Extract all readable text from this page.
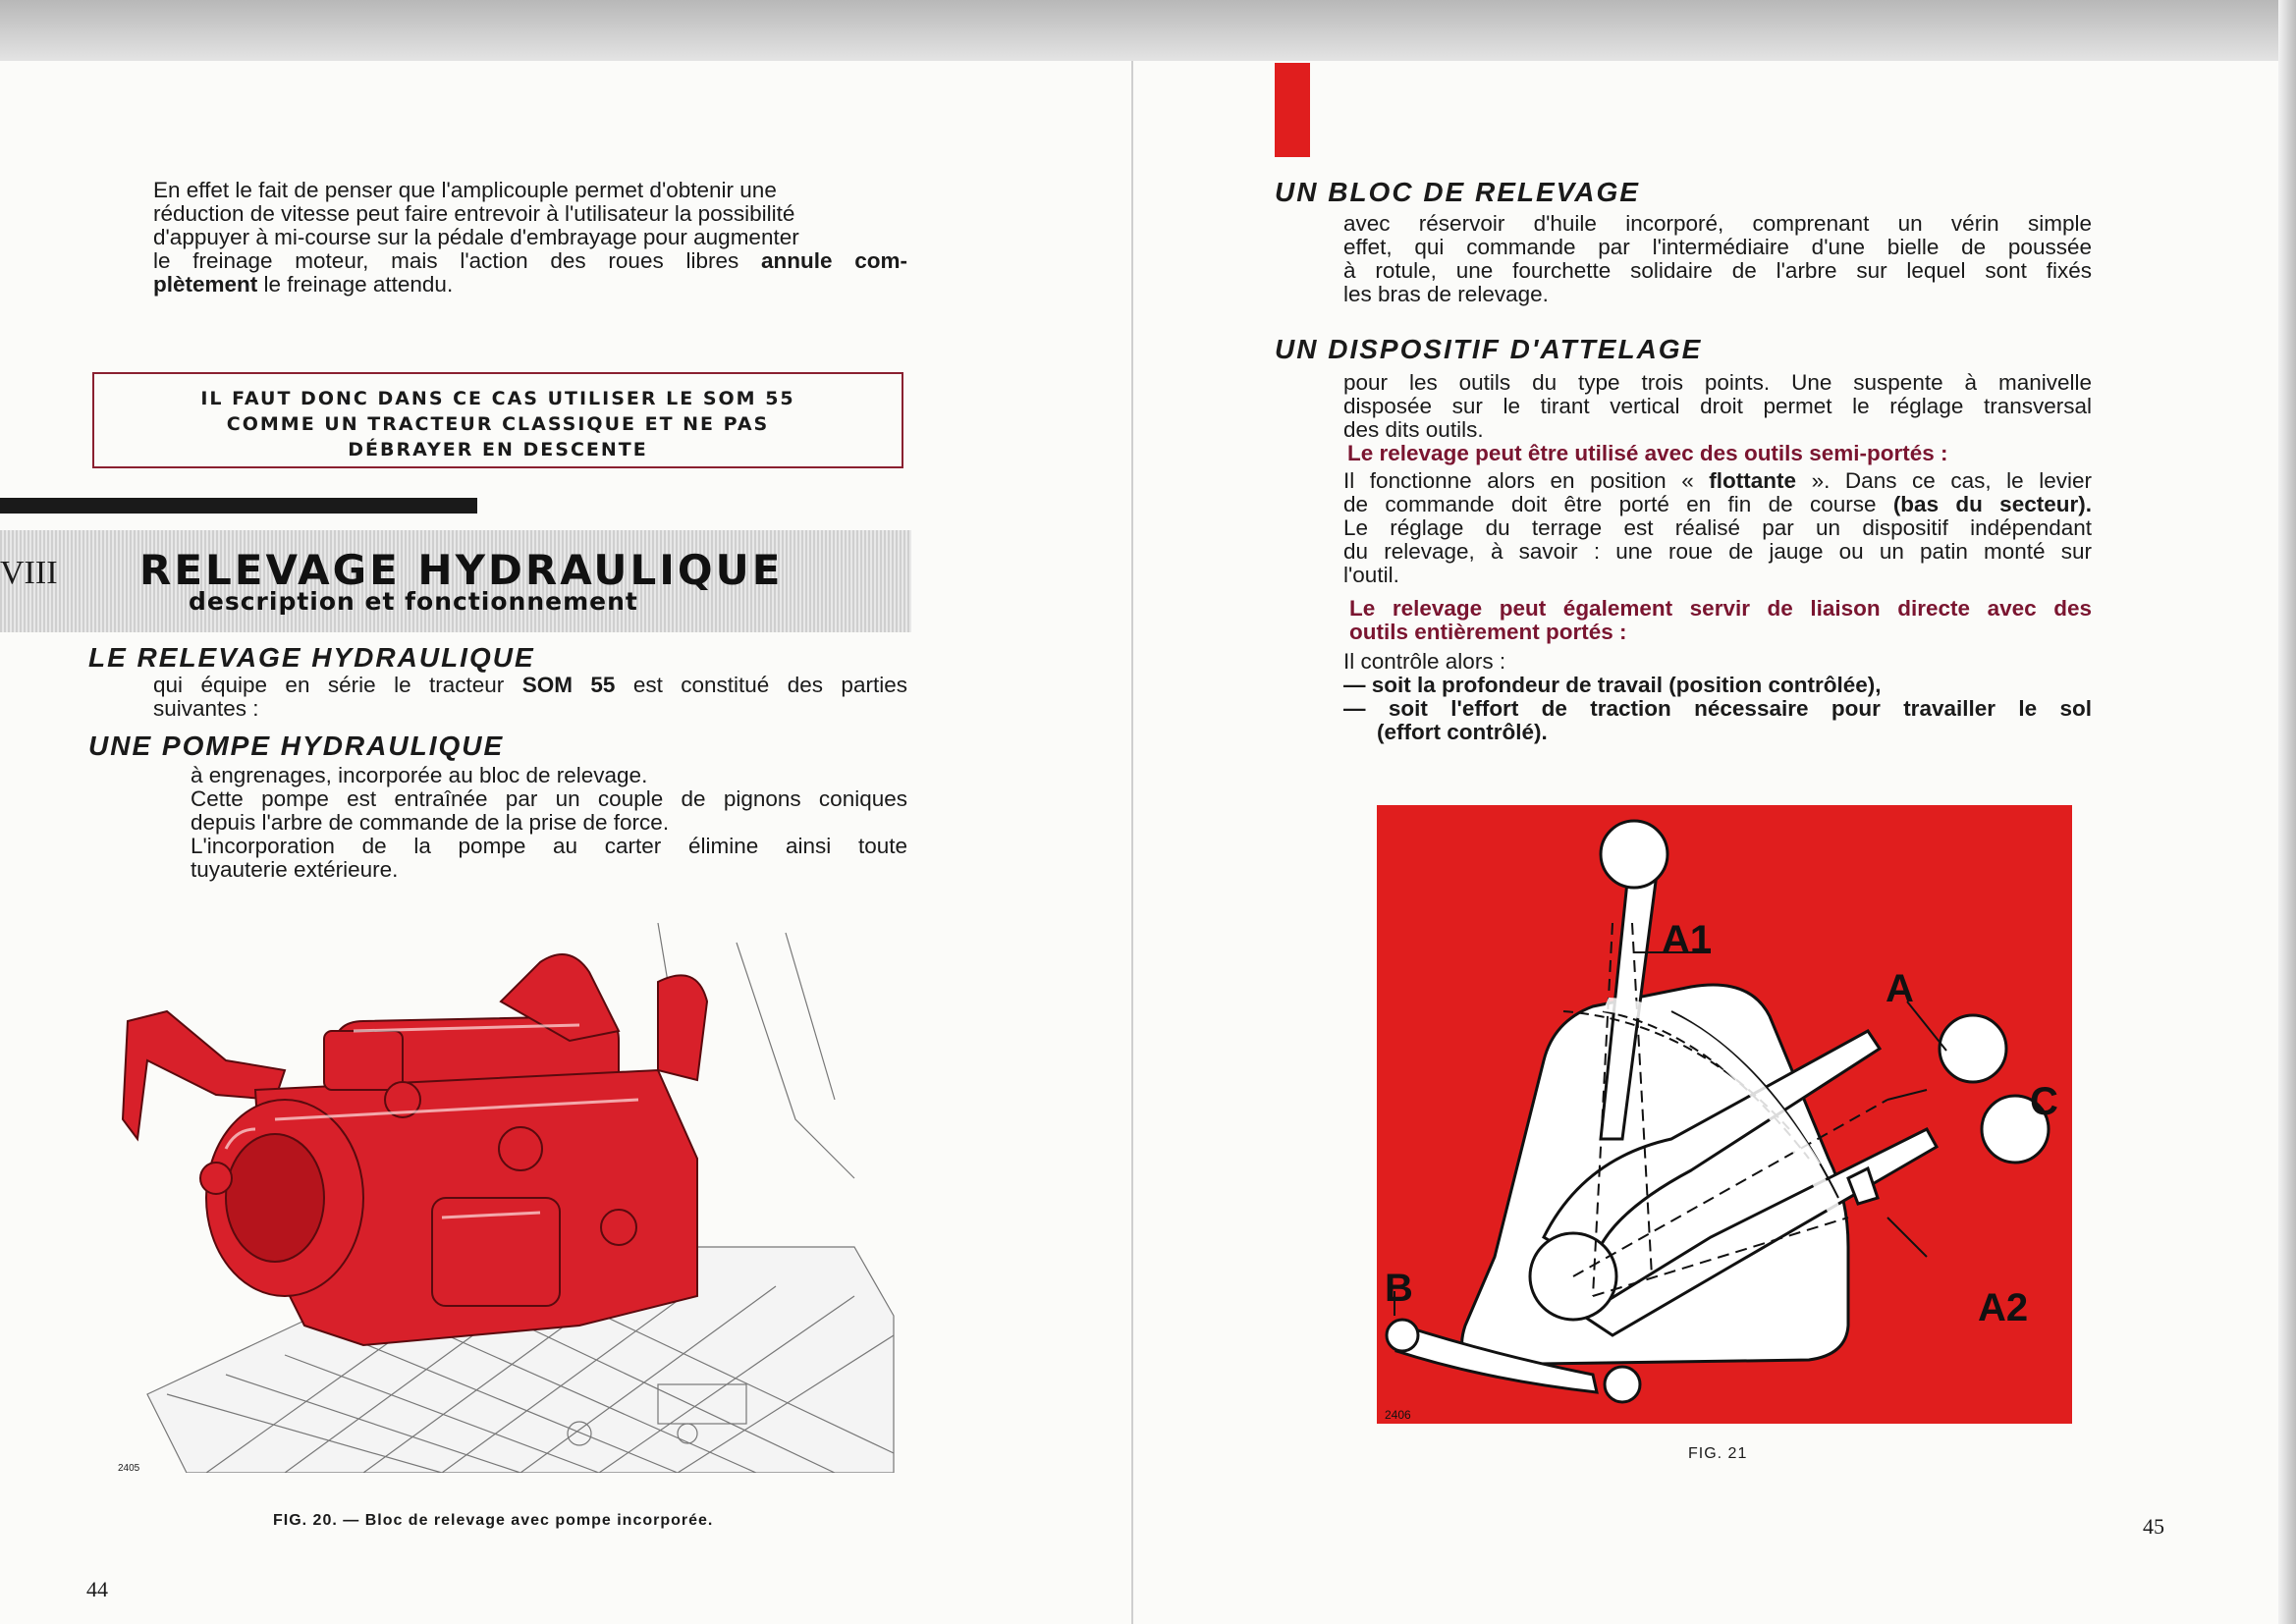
En effet le fait de penser que l'amplicouple permet d'obtenir une
réduction de vitesse peut faire entrevoir à l'utilisateur la possibilité
d'appuyer à mi-course sur la pédale d'embrayage pour augmenter
le freinage moteur, mais l'action des roues libres annule com-
plètement le freinage attendu.
IL FAUT DONC DANS CE CAS UTILISER LE SOM 55
COMME UN TRACTEUR CLASSIQUE ET NE PAS
DÉBRAYER EN DESCENTE
VIII RELEVAGE HYDRAULIQUE
description et fonctionnement
LE RELEVAGE HYDRAULIQUE
qui équipe en série le tracteur SOM 55 est constitué des parties
suivantes :
UNE POMPE HYDRAULIQUE
à engrenages, incorporée au bloc de relevage.
Cette pompe est entraînée par un couple de pignons coniques
depuis l'arbre de commande de la prise de force.
L'incorporation de la pompe au carter élimine ainsi toute
tuyauterie extérieure.
2405
FIG. 20. — Bloc de relevage avec pompe incorporée.
44
UN BLOC DE RELEVAGE
avec réservoir d'huile incorporé, comprenant un vérin simple
effet, qui commande par l'intermédiaire d'une bielle de poussée
à rotule, une fourchette solidaire de l'arbre sur lequel sont fixés
les bras de relevage.
UN DISPOSITIF D'ATTELAGE
pour les outils du type trois points. Une suspente à manivelle
disposée sur le tirant vertical droit permet le réglage transversal
des dits outils.
Le relevage peut être utilisé avec des outils semi-portés :
Il fonctionne alors en position « flottante ». Dans ce cas, le levier
de commande doit être porté en fin de course (bas du secteur).
Le réglage du terrage est réalisé par un dispositif indépendant
du relevage, à savoir : une roue de jauge ou un patin monté sur
l'outil.
Le relevage peut également servir de liaison directe avec des
outils entièrement portés :
Il contrôle alors :
— soit la profondeur de travail (position contrôlée),
— soit l'effort de traction nécessaire pour travailler le sol
(effort contrôlé).
A1
A
C
B	A2
2406
FIG. 21
45
